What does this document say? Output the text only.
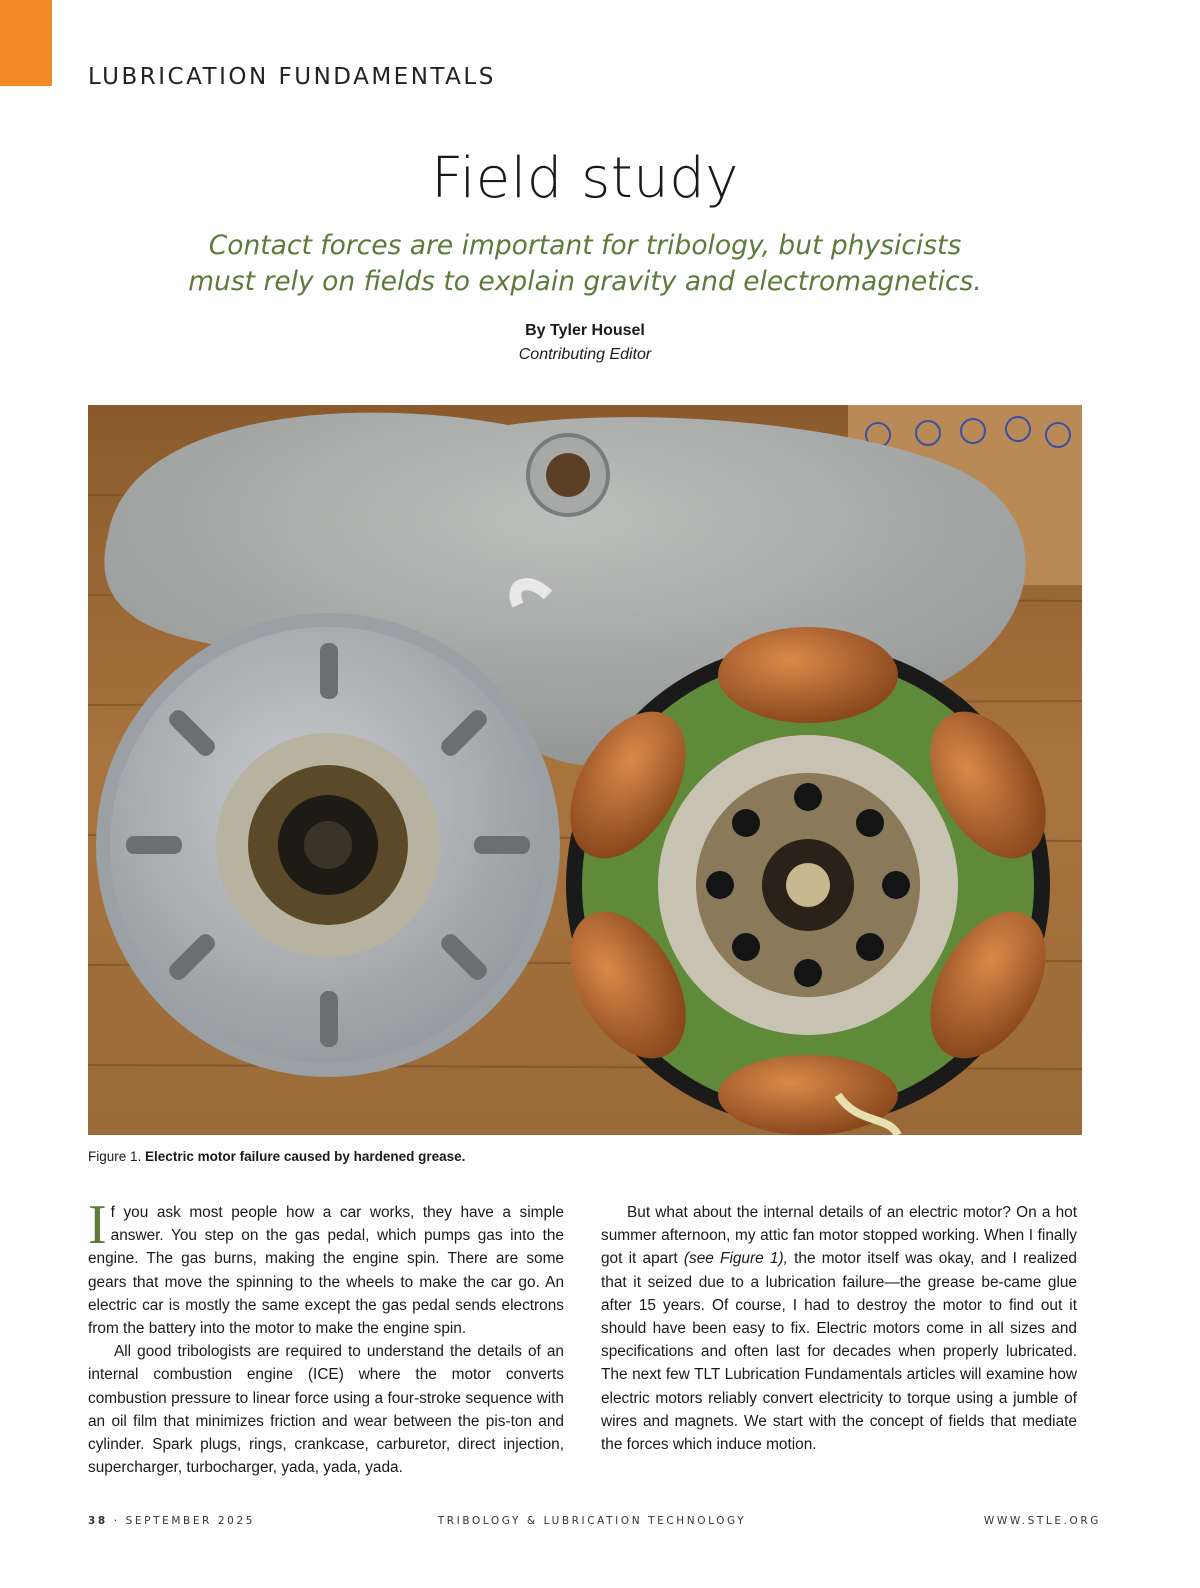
LUBRICATION FUNDAMENTALS
Field study
Contact forces are important for tribology, but physicists
must rely on fields to explain gravity and electromagnetics.
By Tyler Housel
Contributing Editor
Figure 1. Electric motor failure caused by hardened grease.

If you ask most people how a car works, they have a simple answer. You step on the gas pedal, which pumps gas into the engine. The gas burns, making the engine spin. There are some gears that move the spinning to the wheels to make the car go. An electric car is mostly the same except the gas pedal sends electrons from the battery into the motor to make the engine spin.

All good tribologists are required to understand the details of an internal combustion engine (ICE) where the motor converts combustion pressure to linear force using a four-stroke sequence with an oil film that minimizes friction and wear between the pis-ton and cylinder. Spark plugs, rings, crankcase, carburetor, direct injection, supercharger, turbocharger, yada, yada, yada.

But what about the internal details of an electric motor? On a hot summer afternoon, my attic fan motor stopped working. When I finally got it apart (see Figure 1), the motor itself was okay, and I realized that it seized due to a lubrication failure—the grease be-came glue after 15 years. Of course, I had to destroy the motor to find out it should have been easy to fix. Electric motors come in all sizes and specifications and often last for decades when properly lubricated. The next few TLT Lubrication Fundamentals articles will examine how electric motors reliably convert electricity to torque using a jumble of wires and magnets. We start with the concept of fields that mediate the forces which induce motion.

38 · SEPTEMBER 2025	TRIBOLOGY & LUBRICATION TECHNOLOGY	WWW.STLE.ORG
